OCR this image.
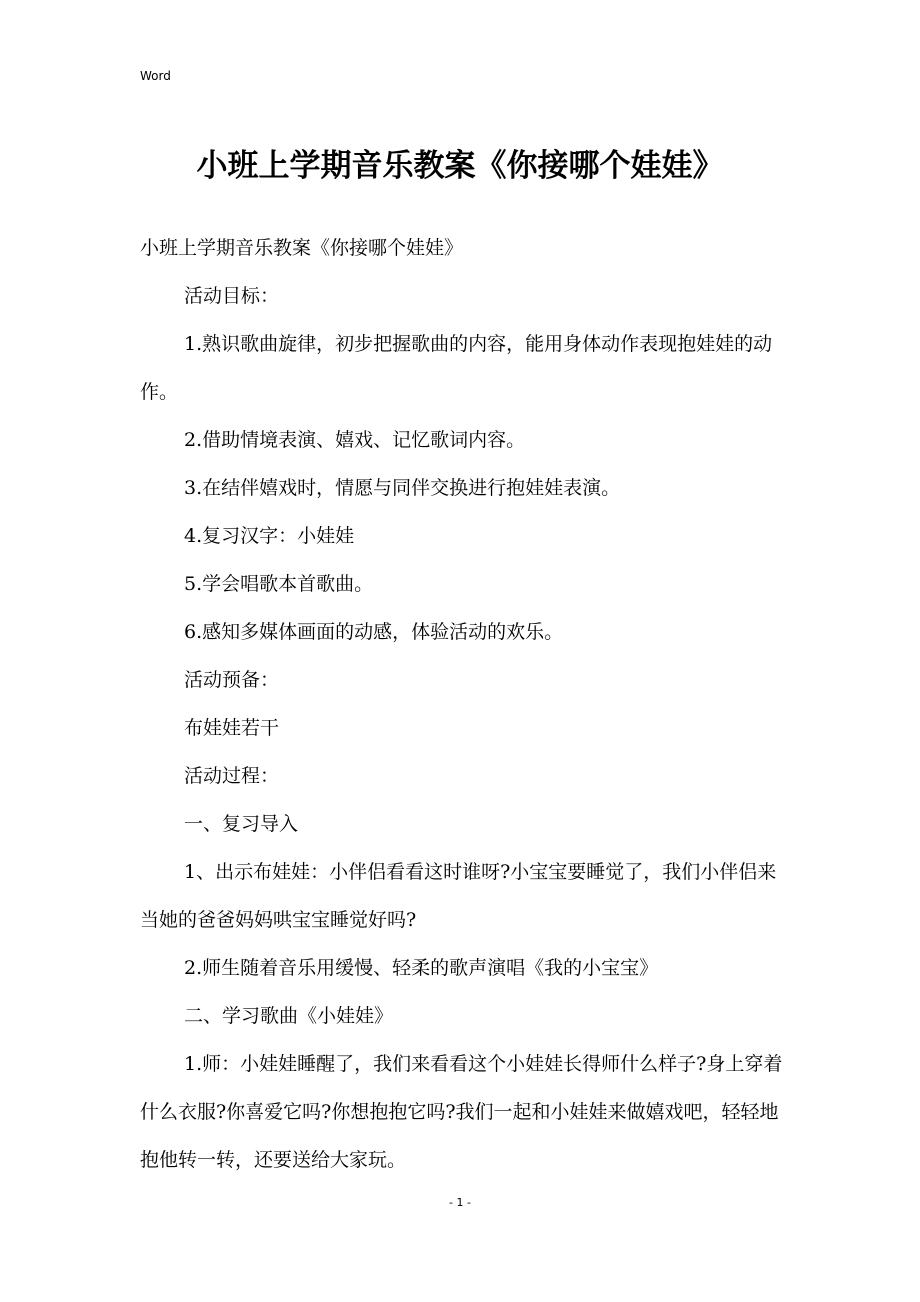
Word
小班上学期音乐教案《你接哪个娃娃》

小班上学期音乐教案《你接哪个娃娃》

活动目标：

1.熟识歌曲旋律，初步把握歌曲的内容，能用身体动作表现抱娃娃的动作。

2.借助情境表演、嬉戏、记忆歌词内容。

3.在结伴嬉戏时，情愿与同伴交换进行抱娃娃表演。

4.复习汉字：小娃娃

5.学会唱歌本首歌曲。

6.感知多媒体画面的动感，体验活动的欢乐。

活动预备：

布娃娃若干

活动过程：

一、复习导入

1、出示布娃娃：小伴侣看看这时谁呀?小宝宝要睡觉了，我们小伴侣来当她的爸爸妈妈哄宝宝睡觉好吗?

2.师生随着音乐用缓慢、轻柔的歌声演唱《我的小宝宝》

二、学习歌曲《小娃娃》

1.师：小娃娃睡醒了，我们来看看这个小娃娃长得师什么样子?身上穿着什么衣服?你喜爱它吗?你想抱抱它吗?我们一起和小娃娃来做嬉戏吧，轻轻地抱他转一转，还要送给大家玩。

- 1 -
